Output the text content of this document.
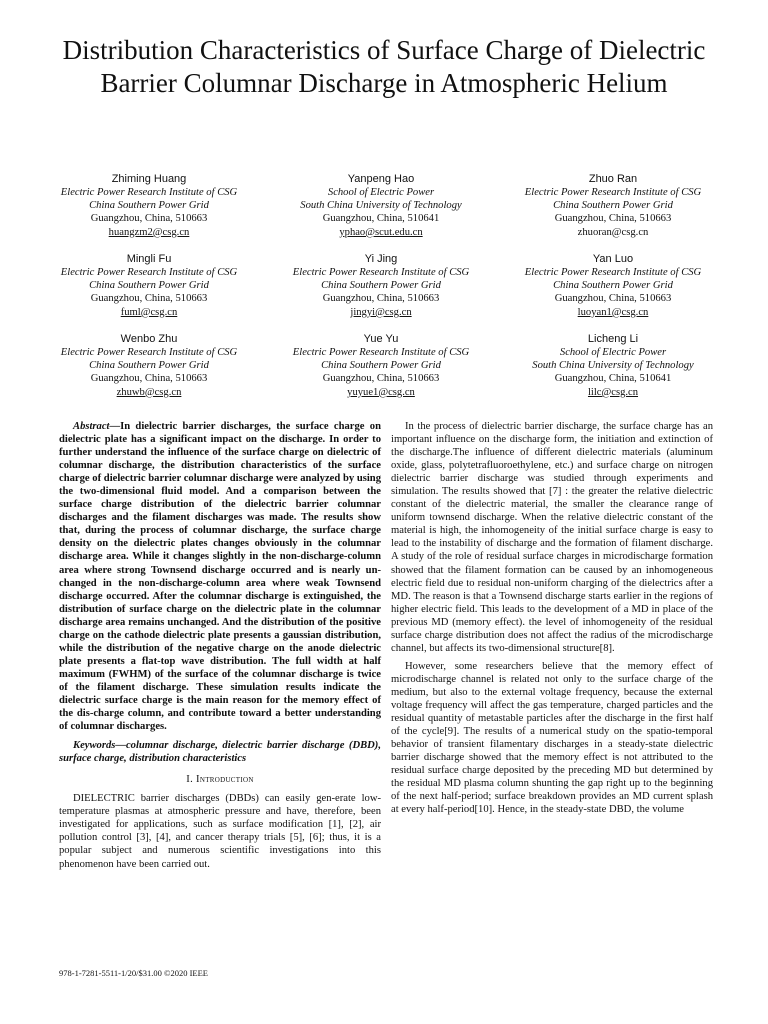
Distribution Characteristics of Surface Charge of Dielectric Barrier Columnar Discharge in Atmospheric Helium
Zhiming Huang
Electric Power Research Institute of CSG
China Southern Power Grid
Guangzhou, China, 510663
huangzm2@csg.cn
Yanpeng Hao
School of Electric Power
South China University of Technology
Guangzhou, China, 510641
yphao@scut.edu.cn
Zhuo Ran
Electric Power Research Institute of CSG
China Southern Power Grid
Guangzhou, China, 510663
zhuoran@csg.cn
Mingli Fu
Electric Power Research Institute of CSG
China Southern Power Grid
Guangzhou, China, 510663
fuml@csg.cn
Yi Jing
Electric Power Research Institute of CSG
China Southern Power Grid
Guangzhou, China, 510663
jingyi@csg.cn
Yan Luo
Electric Power Research Institute of CSG
China Southern Power Grid
Guangzhou, China, 510663
luoyan1@csg.cn
Wenbo Zhu
Electric Power Research Institute of CSG
China Southern Power Grid
Guangzhou, China, 510663
zhuwb@csg.cn
Yue Yu
Electric Power Research Institute of CSG
China Southern Power Grid
Guangzhou, China, 510663
yuyue1@csg.cn
Licheng Li
School of Electric Power
South China University of Technology
Guangzhou, China, 510641
lilc@csg.cn

Abstract—In dielectric barrier discharges, the surface charge on dielectric plate has a significant impact on the discharge. In order to further understand the influence of the surface charge on dielectric of columnar discharge, the distribution characteristics of the surface charge of dielectric barrier columnar discharge were analyzed by using the two-dimensional fluid model. And a comparison between the surface charge distribution of the dielectric barrier columnar discharges and the filament discharges was made. The results show that, during the process of columnar discharge, the surface charge density on the dielectric plates changes obviously in the columnar discharge area. While it changes slightly in the non-discharge-column area where strong Townsend discharge occurred and is nearly un-changed in the non-discharge-column area where weak Townsend discharge occurred. After the columnar discharge is extinguished, the distribution of surface charge on the dielectric plate in the columnar discharge area remains unchanged. And the distribution of the positive charge on the cathode dielectric plate presents a gaussian distribution, while the distribution of the negative charge on the anode dielectric plate presents a flat-top wave distribution. The full width at half maximum (FWHM) of the surface of the columnar discharge is twice of the filament discharge. These simulation results indicate the dielectric surface charge is the main reason for the memory effect of the dis-charge column, and contribute toward a better understanding of columnar discharges.

Keywords—columnar discharge, dielectric barrier discharge (DBD), surface charge, distribution characteristics

I. Introduction

DIELECTRIC barrier discharges (DBDs) can easily gen-erate low-temperature plasmas at atmospheric pressure and have, therefore, been investigated for applications, such as surface modification [1], [2], air pollution control [3], [4], and cancer therapy trials [5], [6]; thus, it is a popular subject and numerous scientific investigations into this phenomenon have been carried out.

In the process of dielectric barrier discharge, the surface charge has an important influence on the discharge form, the initiation and extinction of the discharge.The influence of different dielectric materials (aluminum oxide, glass, polytetrafluoroethylene, etc.) and surface charge on nitrogen dielectric barrier discharge was studied through experiments and simulation. The results showed that [7] : the greater the relative dielectric constant of the dielectric material, the smaller the clearance range of uniform townsend discharge. When the relative dielectric constant of the material is high, the inhomogeneity of the initial surface charge is easy to lead to the instability of discharge and the formation of filament discharge. A study of the role of residual surface charges in microdischarge formation showed that the filament formation can be caused by an inhomogeneous electric field due to residual non-uniform charging of the dielectrics after a MD. The reason is that a Townsend discharge starts earlier in the regions of higher electric field. This leads to the development of a MD in place of the previous MD (memory effect). the level of inhomogeneity of the residual surface charge distribution does not affect the radius of the microdischarge channel, but affects its two-dimensional structure[8].

However, some researchers believe that the memory effect of microdischarge channel is related not only to the surface charge of the medium, but also to the external voltage frequency, because the external voltage frequency will affect the gas temperature, charged particles and the residual quantity of metastable particles after the discharge in the first half of the cycle[9]. The results of a numerical study on the spatio-temporal behavior of transient filamentary discharges in a steady-state dielectric barrier discharge showed that the memory effect is not attributed to the residual surface charge deposited by the preceding MD but determined by the residual MD plasma column shunting the gap right up to the beginning of the next half-period; surface breakdown provides an MD current splash at every half-period[10]. Hence, in the steady-state DBD, the volume

978-1-7281-5511-1/20/$31.00 ©2020 IEEE
